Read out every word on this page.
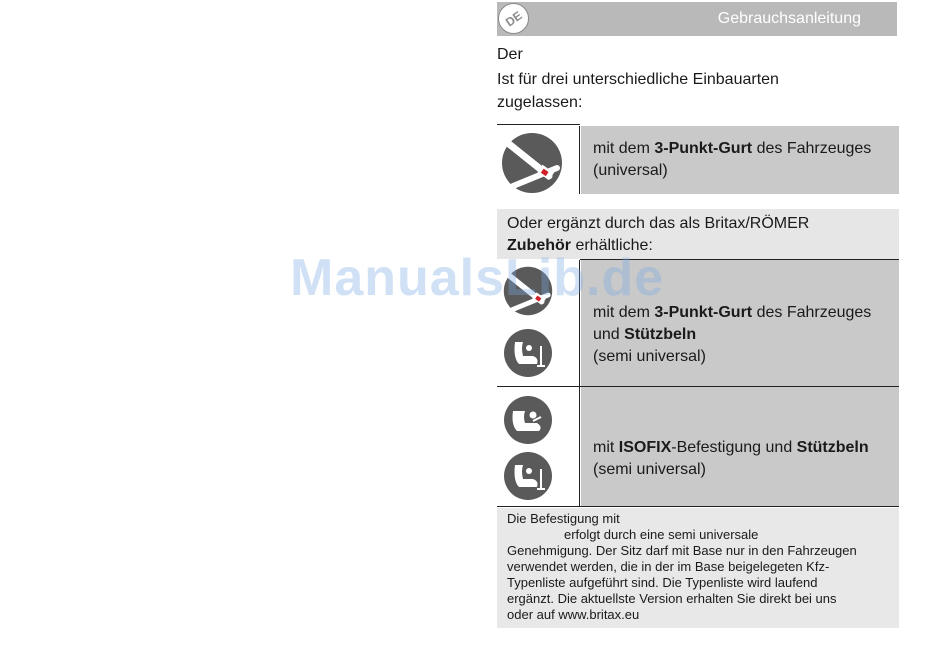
DE	Gebrauchsanleitung
Der
Ist für drei unterschiedliche Einbauarten
zugelassen:
mit dem 3-Punkt-Gurt des Fahrzeuges
(universal)
Oder ergänzt durch das als Britax/RÖMER
Zubehör erhältliche:
mit dem 3-Punkt-Gurt des Fahrzeuges
und Stützbeln
(semi universal)
mit ISOFIX-Befestigung und Stützbeln
(semi universal)
Die Befestigung mit
erfolgt durch eine semi universale
Genehmigung. Der Sitz darf mit Base nur in den Fahrzeugen
verwendet werden, die in der im Base beigelegeten Kfz-
Typenliste aufgeführt sind. Die Typenliste wird laufend
ergänzt. Die aktuellste Version erhalten Sie direkt bei uns
oder auf www.britax.eu
ManualsLib.de
